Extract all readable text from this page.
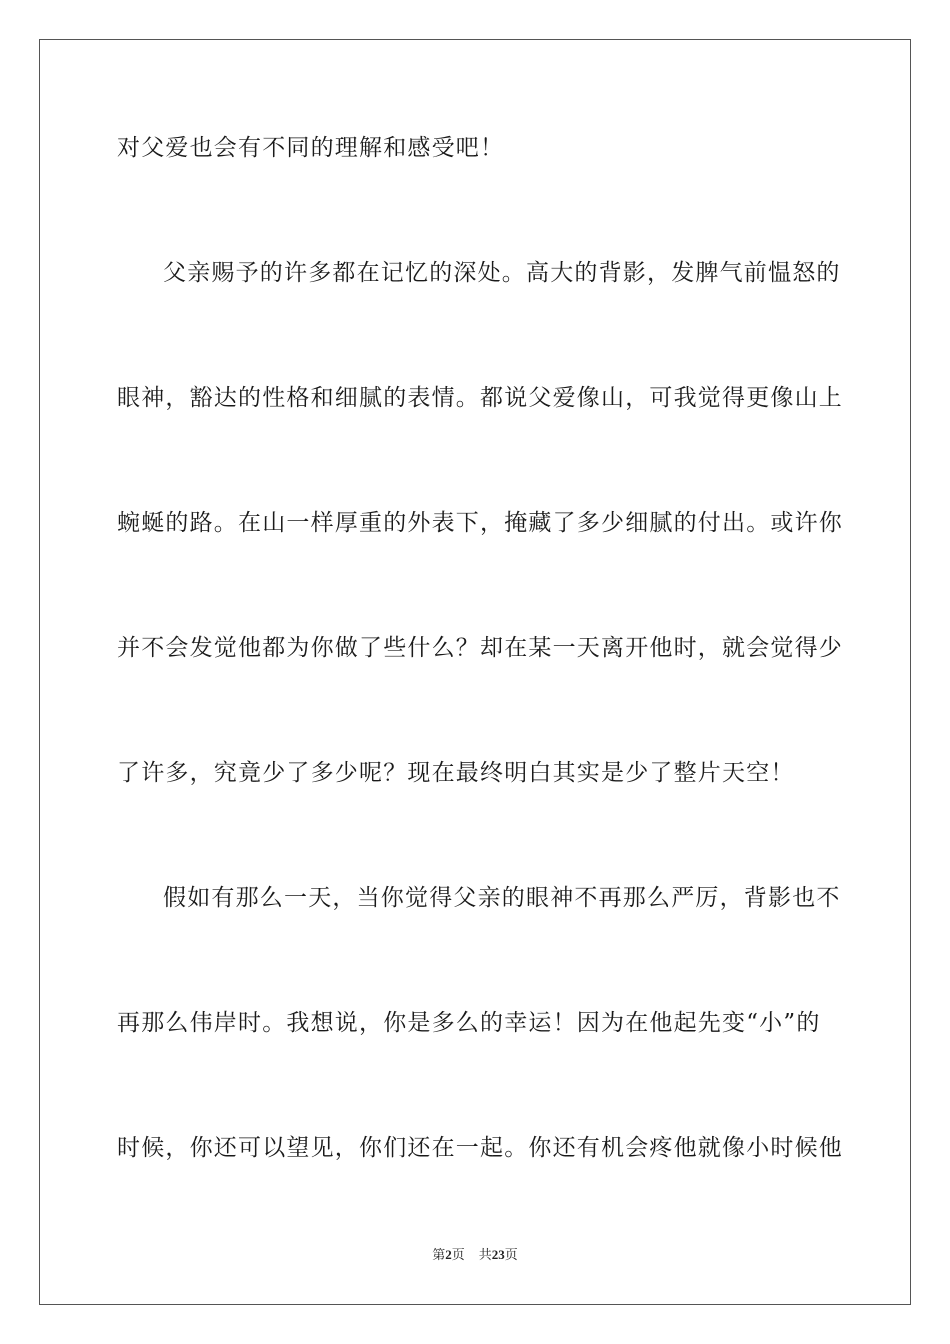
对父爱也会有不同的理解和感受吧！
父亲赐予的许多都在记忆的深处。高大的背影，发脾气前愠怒的
眼神，豁达的性格和细腻的表情。都说父爱像山，可我觉得更像山上
蜿蜒的路。在山一样厚重的外表下，掩藏了多少细腻的付出。或许你
并不会发觉他都为你做了些什么？却在某一天离开他时，就会觉得少
了许多，究竟少了多少呢？现在最终明白其实是少了整片天空！
假如有那么一天，当你觉得父亲的眼神不再那么严厉，背影也不
再那么伟岸时。我想说，你是多么的幸运！因为在他起先变“小”的
时候，你还可以望见，你们还在一起。你还有机会疼他就像小时候他
第2页 共23页
